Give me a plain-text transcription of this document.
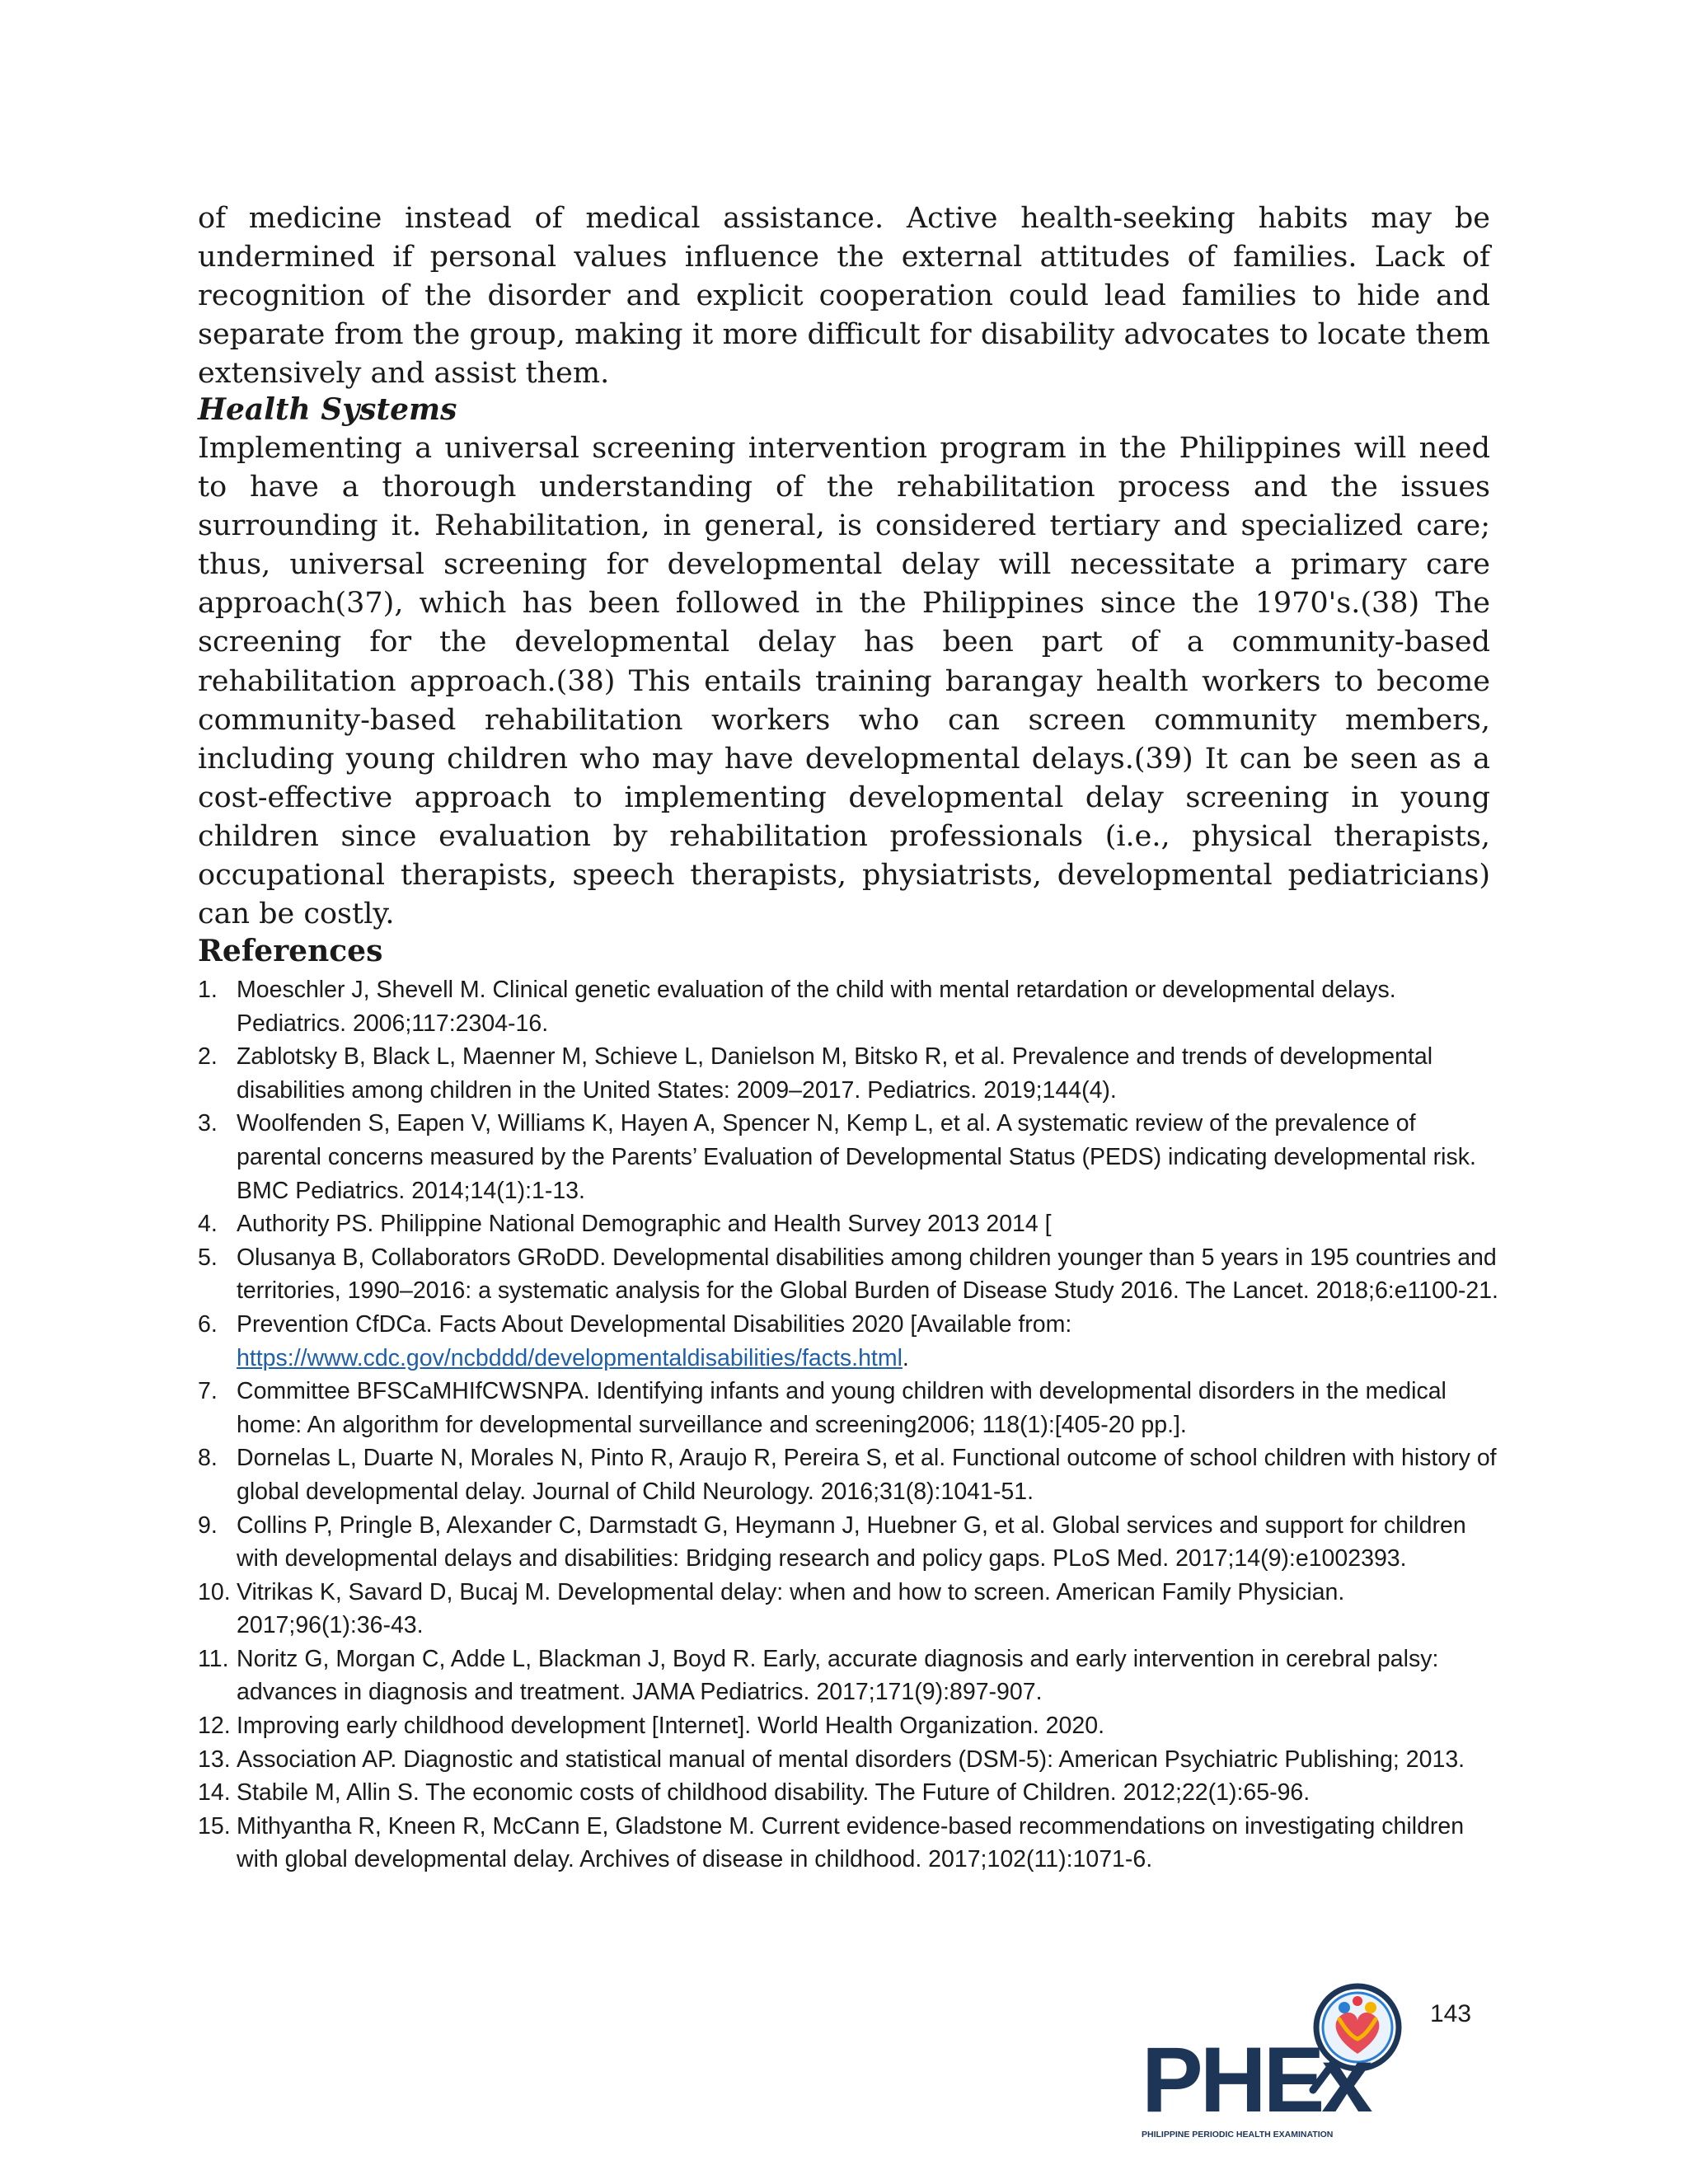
of medicine instead of medical assistance. Active health-seeking habits may be undermined if personal values influence the external attitudes of families. Lack of recognition of the disorder and explicit cooperation could lead families to hide and separate from the group, making it more difficult for disability advocates to locate them extensively and assist them.

Health Systems

Implementing a universal screening intervention program in the Philippines will need to have a thorough understanding of the rehabilitation process and the issues surrounding it. Rehabilitation, in general, is considered tertiary and specialized care; thus, universal screening for developmental delay will necessitate a primary care approach(37), which has been followed in the Philippines since the 1970's.(38) The screening for the developmental delay has been part of a community-based rehabilitation approach.(38) This entails training barangay health workers to become community-based rehabilitation workers who can screen community members, including young children who may have developmental delays.(39) It can be seen as a cost-effective approach to implementing developmental delay screening in young children since evaluation by rehabilitation professionals (i.e., physical therapists, occupational therapists, speech therapists, physiatrists, developmental pediatricians) can be costly.

References
1. Moeschler J, Shevell M. Clinical genetic evaluation of the child with mental retardation or developmental delays. Pediatrics. 2006;117:2304-16.
2. Zablotsky B, Black L, Maenner M, Schieve L, Danielson M, Bitsko R, et al. Prevalence and trends of developmental disabilities among children in the United States: 2009–2017. Pediatrics. 2019;144(4).
3. Woolfenden S, Eapen V, Williams K, Hayen A, Spencer N, Kemp L, et al. A systematic review of the prevalence of parental concerns measured by the Parents’ Evaluation of Developmental Status (PEDS) indicating developmental risk. BMC Pediatrics. 2014;14(1):1-13.
4. Authority PS. Philippine National Demographic and Health Survey 2013 2014 [
5. Olusanya B, Collaborators GRoDD. Developmental disabilities among children younger than 5 years in 195 countries and territories, 1990–2016: a systematic analysis for the Global Burden of Disease Study 2016. The Lancet. 2018;6:e1100-21.
6. Prevention CfDCa. Facts About Developmental Disabilities 2020 [Available from: https://www.cdc.gov/ncbddd/developmentaldisabilities/facts.html.
7. Committee BFSCaMHIfCWSNPA. Identifying infants and young children with developmental disorders in the medical home: An algorithm for developmental surveillance and screening2006; 118(1):[405-20 pp.].
8. Dornelas L, Duarte N, Morales N, Pinto R, Araujo R, Pereira S, et al. Functional outcome of school children with history of global developmental delay. Journal of Child Neurology. 2016;31(8):1041-51.
9. Collins P, Pringle B, Alexander C, Darmstadt G, Heymann J, Huebner G, et al. Global services and support for children with developmental delays and disabilities: Bridging research and policy gaps. PLoS Med. 2017;14(9):e1002393.
10. Vitrikas K, Savard D, Bucaj M. Developmental delay: when and how to screen. American Family Physician. 2017;96(1):36-43.
11. Noritz G, Morgan C, Adde L, Blackman J, Boyd R. Early, accurate diagnosis and early intervention in cerebral palsy: advances in diagnosis and treatment. JAMA Pediatrics. 2017;171(9):897-907.
12. Improving early childhood development [Internet]. World Health Organization. 2020.
13. Association AP. Diagnostic and statistical manual of mental disorders (DSM-5): American Psychiatric Publishing; 2013.
14. Stabile M, Allin S. The economic costs of childhood disability. The Future of Children. 2012;22(1):65-96.
15. Mithyantha R, Kneen R, McCann E, Gladstone M. Current evidence-based recommendations on investigating children with global developmental delay. Archives of disease in childhood. 2017;102(11):1071-6.
143
PHEx
PHILIPPINE PERIODIC HEALTH EXAMINATION
